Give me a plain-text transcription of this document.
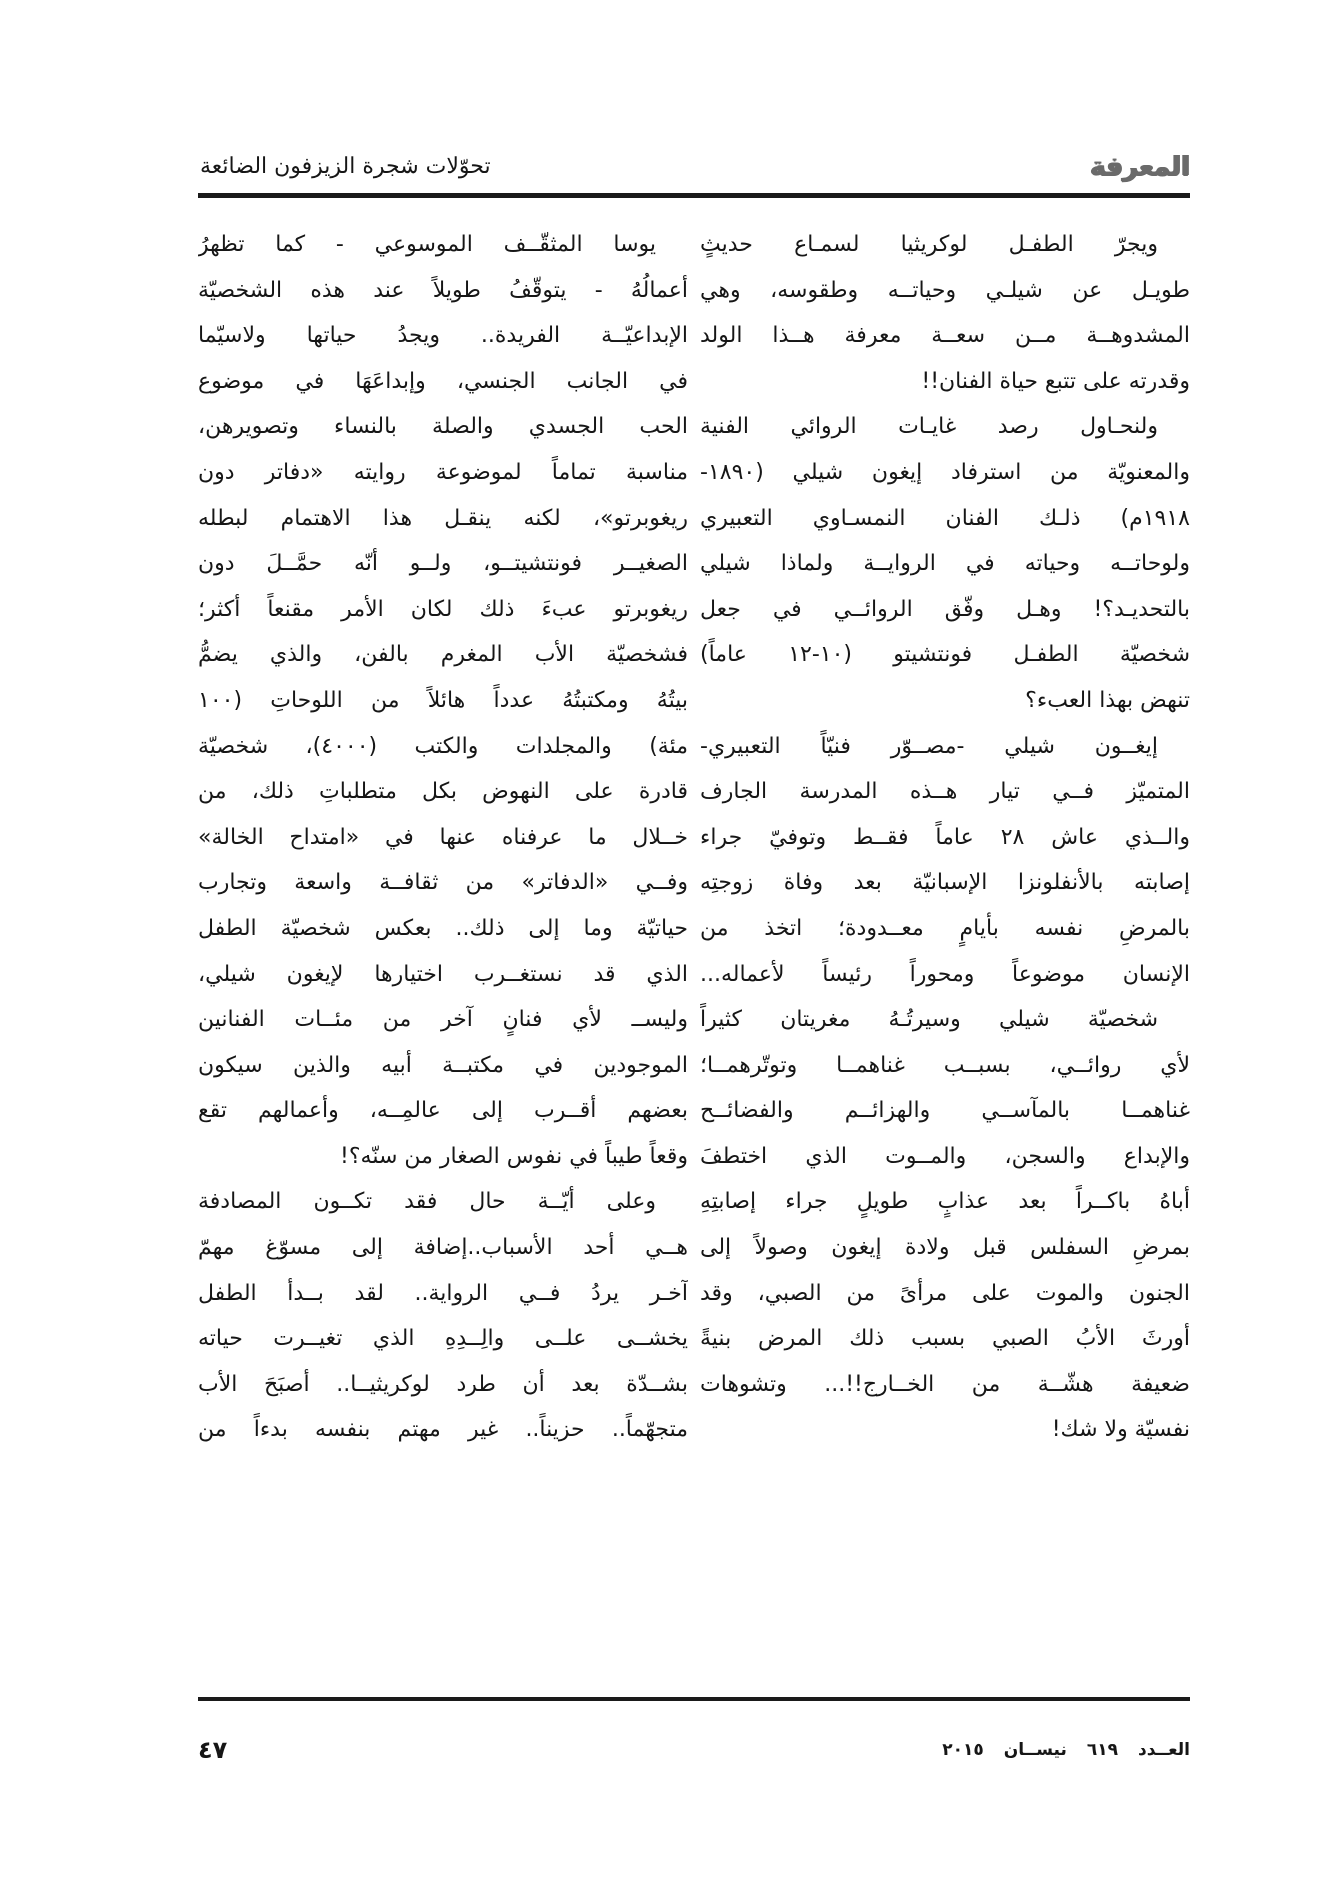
المعرفة
تحوّلات شجرة الزيزفون الضائعة
ويجرّ الطفـل لوكريثيا لسمـاع حديثٍ
طويـل عن شيلـي وحياتــه وطقوسه، وهي
المشدوهــة مــن سعــة معرفة هــذا الولد
وقدرته على تتبع حياة الفنان!!
ولنحـاول رصد غايـات الروائي الفنية
والمعنويّة من استرفاد إيغون شيلي (١٨٩٠-
١٩١٨م) ذلـك الفنان النمسـاوي التعبيري
ولوحاتــه وحياته في الروايــة ولماذا شيلي
بالتحديـد؟! وهـل وفّق الروائــي في جعل
شخصيّة الطفـل فونتشيتو (١٠-١٢ عاماً)
تنهض بهذا العبء؟
إيغــون شيلي -مصــوّر فنيّاً التعبيري-
المتميّز فــي تيار هــذه المدرسة الجارف
والــذي عاش ٢٨ عاماً فقــط وتوفيّ جراء
إصابته بالأنفلونزا الإسبانيّة بعد وفاة زوجتِه
بالمرضِ نفسه بأيامٍ معــدودة؛ اتخذ من
الإنسان موضوعاً ومحوراً رئيساً لأعماله...
شخصيّة شيلي وسيرتُـهُ مغريتان كثيراً
لأي روائــي، بسبــب غناهمــا وتوتّرهمــا؛
غناهمــا بالمآســي والهزائــم والفضائــح
والإبداع والسجن، والمــوت الذي اختطفَ
أباهُ باكــراً بعد عذابٍ طويلٍ جراء إصابتِهِ
بمرضِ السفلس قبل ولادة إيغون وصولاً إلى
الجنون والموت على مرأىً من الصبي، وقد
أورثَ الأبُ الصبي بسبب ذلك المرض بنيةً
ضعيفة هشّــة من الخــارج!!... وتشوهات
نفسيّة ولا شك!
يوسا المثقّــف الموسوعي - كما تظهرُ
أعمالُهُ - يتوقّفُ طويلاً عند هذه الشخصيّة
الإبداعيّــة الفريدة.. ويجدُ حياتها ولاسيّما
في الجانب الجنسي، وإبداعَهَا في موضوع
الحب الجسدي والصلة بالنساء وتصويرهن،
مناسبة تماماً لموضوعة روايته «دفاتر دون
ريغوبرتو»، لكنه ينقـل هذا الاهتمام لبطله
الصغيــر فونتشيتــو، ولــو أنّه حمَّــلَ دون
ريغوبرتو عبءَ ذلك لكان الأمر مقنعاً أكثر؛
فشخصيّة الأب المغرم بالفن، والذي يضمُّ
بيتُهُ ومكتبتُهُ عدداً هائلاً من اللوحاتِ (١٠٠
مئة) والمجلدات والكتب (٤٠٠٠)، شخصيّة
قادرة على النهوض بكل متطلباتِ ذلك، من
خــلال ما عرفناه عنها في «امتداح الخالة»
وفــي «الدفاتر» من ثقافــة واسعة وتجارب
حياتيّة وما إلى ذلك.. بعكس شخصيّة الطفل
الذي قد نستغــرب اختيارها لإيغون شيلي،
وليســ لأي فنانٍ آخر من مئــات الفنانين
الموجودين في مكتبــة أبيه والذين سيكون
بعضهم أقــرب إلى عالمِــه، وأعمالهم تقع
وقعاً طيباً في نفوس الصغار من سنّه؟!
وعلى أيّــة حال فقد تكــون المصادفة
هــي أحد الأسباب..إضافة إلى مسوّغ مهمّ
آخـر يردُ فــي الرواية.. لقد بــدأ الطفل
يخشــى علــى والِــدِهِ الذي تغيــرت حياته
بشــدّة بعد أن طرد لوكريثيــا.. أصبَحَ الأب
متجهّماً.. حزيناً.. غير مهتم بنفسه بدءاً من
٤٧	العــدد٦١٩نيســان٢٠١٥
